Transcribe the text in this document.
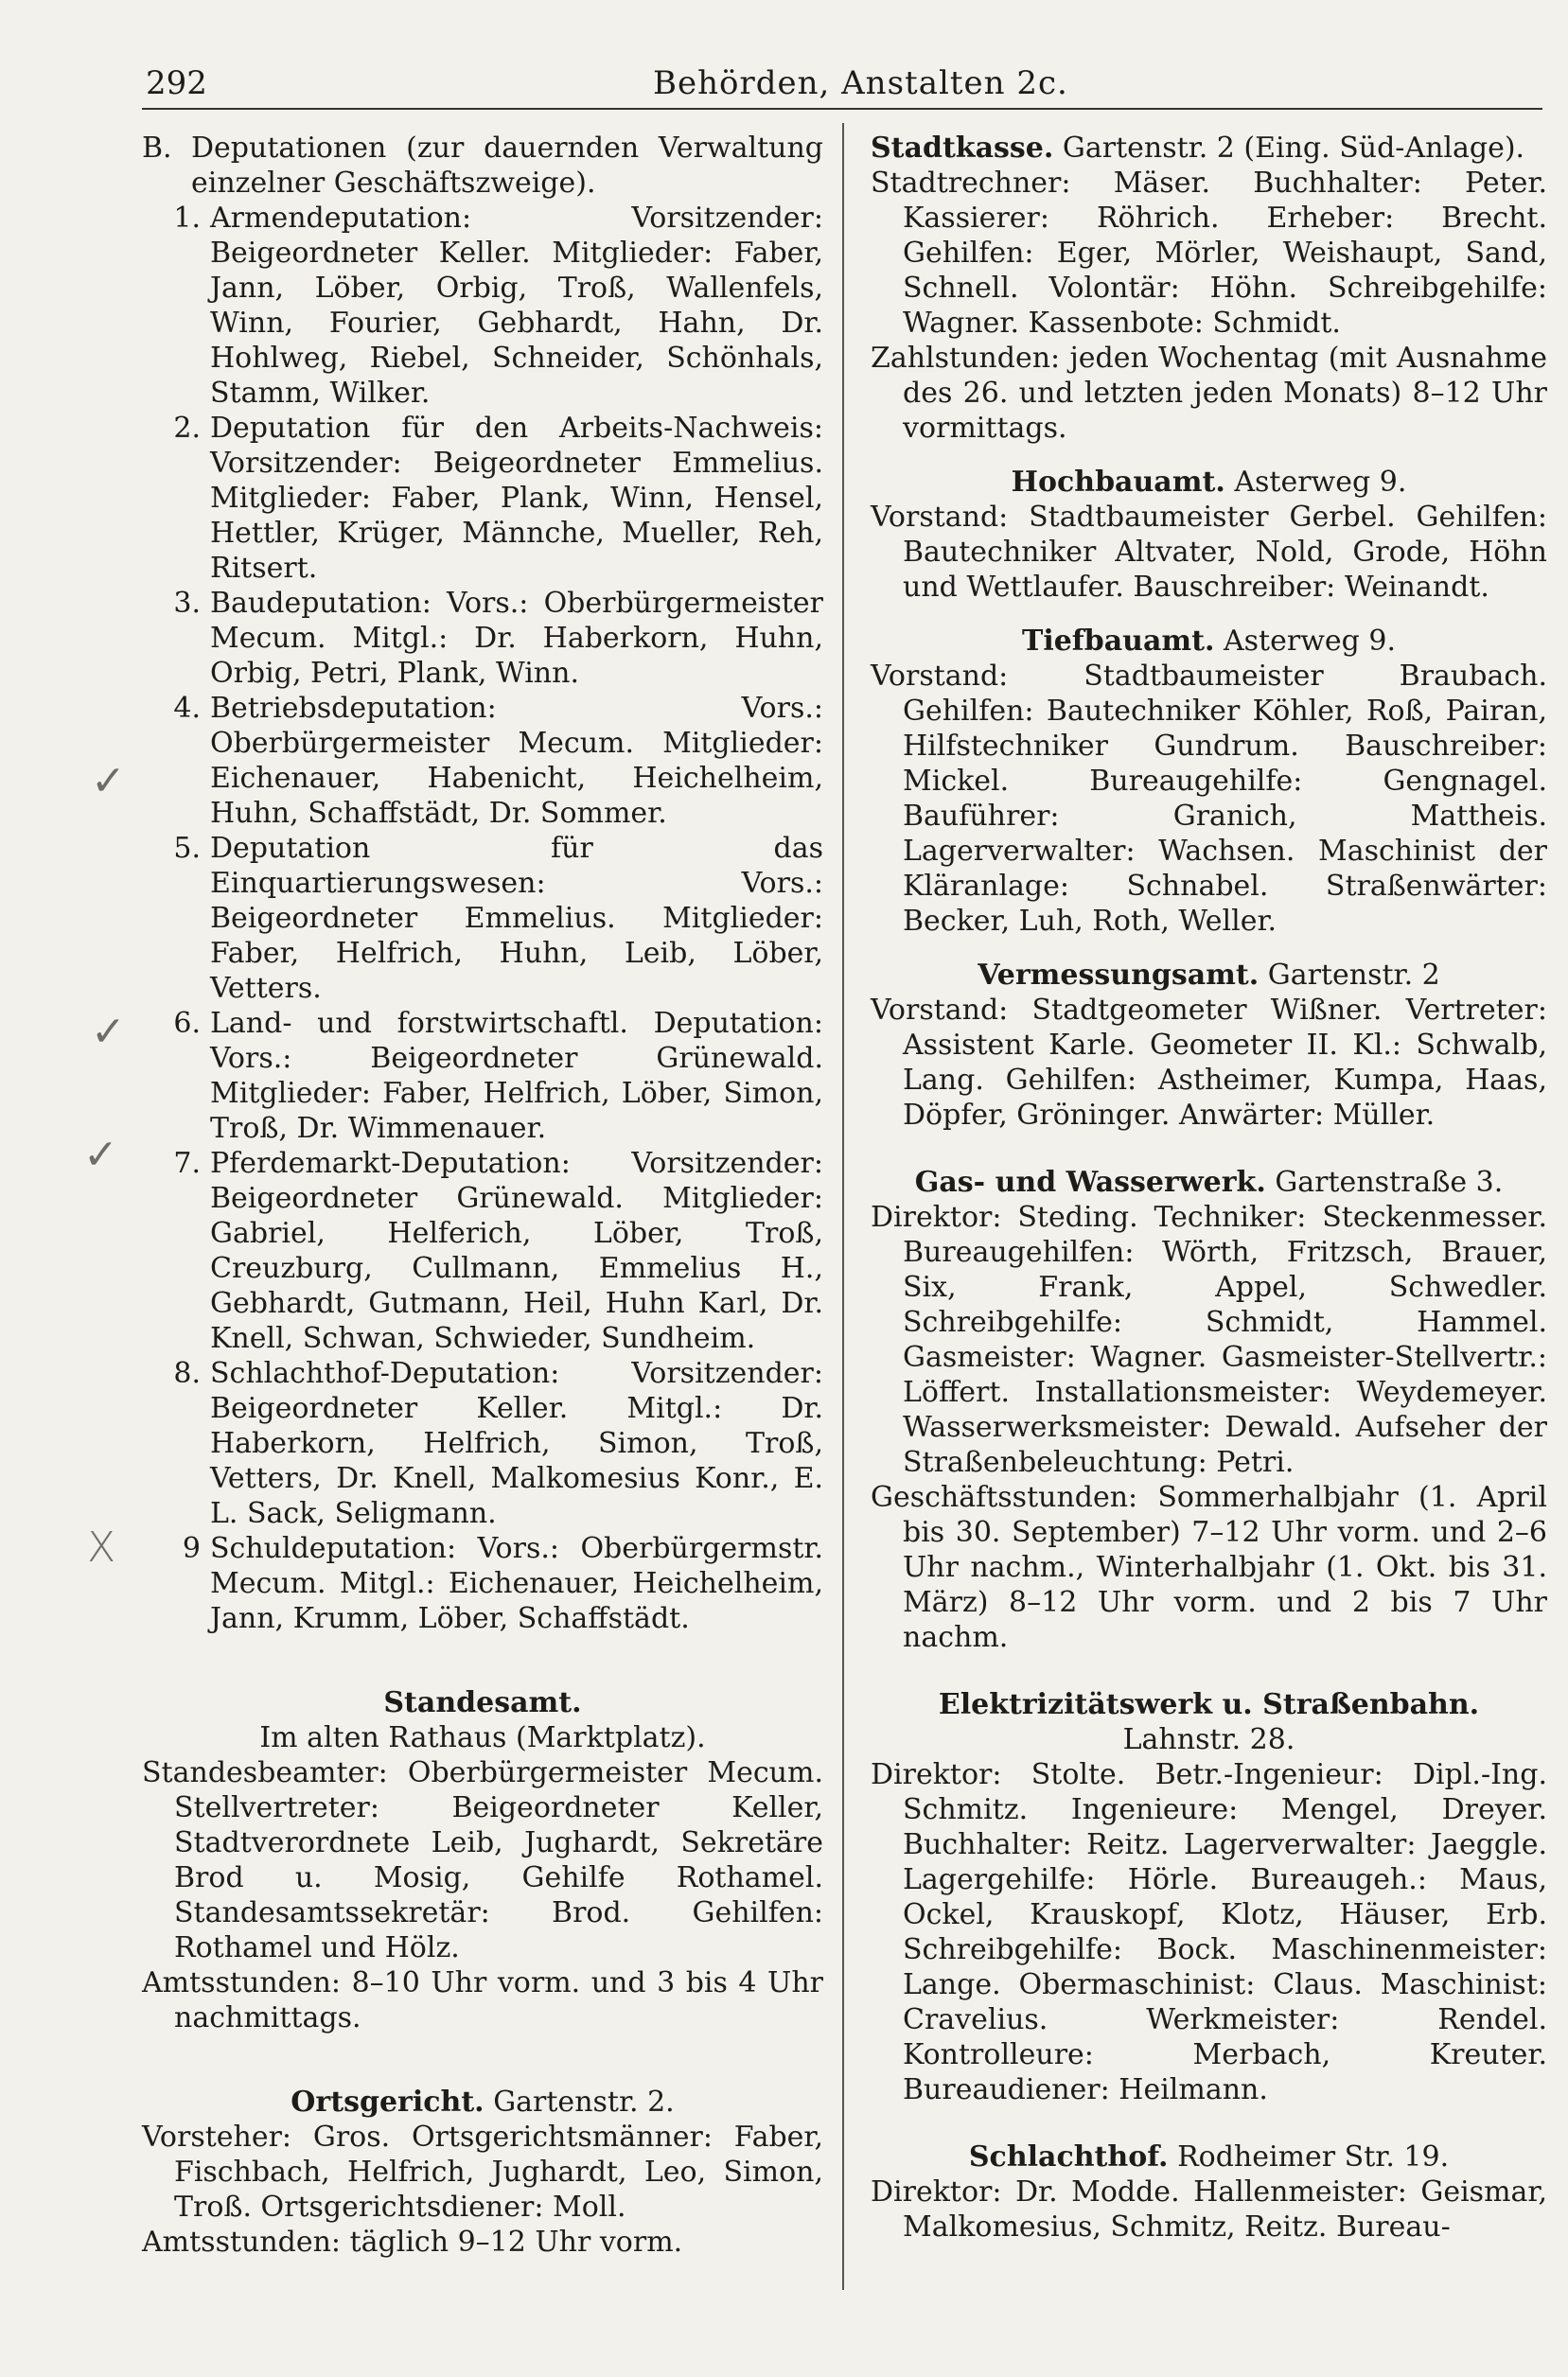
292	Behörden, Anstalten 2c.
✓
✓
✓
X
B. Deputationen (zur dauernden Verwaltung einzelner Geschäftszweige).

1. Armendeputation: Vorsitzender: Beigeordneter Keller. Mitglieder: Faber, Jann, Löber, Orbig, Troß, Wallenfels, Winn, Fourier, Gebhardt, Hahn, Dr. Hohlweg, Riebel, Schneider, Schönhals, Stamm, Wilker.

2. Deputation für den Arbeits-Nachweis: Vorsitzender: Beigeordneter Emmelius. Mitglieder: Faber, Plank, Winn, Hensel, Hettler, Krüger, Männche, Mueller, Reh, Ritsert.

3. Baudeputation: Vors.: Oberbürgermeister Mecum. Mitgl.: Dr. Haberkorn, Huhn, Orbig, Petri, Plank, Winn.

4. Betriebsdeputation: Vors.: Oberbürgermeister Mecum. Mitglieder: Eichenauer, Habenicht, Heichelheim, Huhn, Schaffstädt, Dr. Sommer.

5. Deputation für das Einquartierungswesen: Vors.: Beigeordneter Emmelius. Mitglieder: Faber, Helfrich, Huhn, Leib, Löber, Vetters.

6. Land- und forstwirtschaftl. Deputation: Vors.: Beigeordneter Grünewald. Mitglieder: Faber, Helfrich, Löber, Simon, Troß, Dr. Wimmenauer.

7. Pferdemarkt-Deputation: Vorsitzender: Beigeordneter Grünewald. Mitglieder: Gabriel, Helferich, Löber, Troß, Creuzburg, Cullmann, Emmelius H., Gebhardt, Gutmann, Heil, Huhn Karl, Dr. Knell, Schwan, Schwieder, Sundheim.

8. Schlachthof-Deputation: Vorsitzender: Beigeordneter Keller. Mitgl.: Dr. Haberkorn, Helfrich, Simon, Troß, Vetters, Dr. Knell, Malkomesius Konr., E. L. Sack, Seligmann.

9 Schuldeputation: Vors.: Oberbürgermstr. Mecum. Mitgl.: Eichenauer, Heichelheim, Jann, Krumm, Löber, Schaffstädt.

Standesamt.
Im alten Rathaus (Marktplatz).

Standesbeamter: Oberbürgermeister Mecum. Stellvertreter: Beigeordneter Keller, Stadtverordnete Leib, Jughardt, Sekretäre Brod u. Mosig, Gehilfe Rothamel. Standesamtssekretär: Brod. Gehilfen: Rothamel und Hölz.

Amtsstunden: 8–10 Uhr vorm. und 3 bis 4 Uhr nachmittags.

Ortsgericht. Gartenstr. 2.

Vorsteher: Gros. Ortsgerichtsmänner: Faber, Fischbach, Helfrich, Jughardt, Leo, Simon, Troß. Ortsgerichtsdiener: Moll.

Amtsstunden: täglich 9–12 Uhr vorm.

Stadtkasse. Gartenstr. 2 (Eing. Süd-Anlage).

Stadtrechner: Mäser. Buchhalter: Peter. Kassierer: Röhrich. Erheber: Brecht. Gehilfen: Eger, Mörler, Weishaupt, Sand, Schnell. Volontär: Höhn. Schreibgehilfe: Wagner. Kassenbote: Schmidt.

Zahlstunden: jeden Wochentag (mit Ausnahme des 26. und letzten jeden Monats) 8–12 Uhr vormittags.

Hochbauamt. Asterweg 9.

Vorstand: Stadtbaumeister Gerbel. Gehilfen: Bautechniker Altvater, Nold, Grode, Höhn und Wettlaufer. Bauschreiber: Weinandt.

Tiefbauamt. Asterweg 9.

Vorstand: Stadtbaumeister Braubach. Gehilfen: Bautechniker Köhler, Roß, Pairan, Hilfstechniker Gundrum. Bauschreiber: Mickel. Bureaugehilfe: Gengnagel. Bauführer: Granich, Mattheis. Lagerverwalter: Wachsen. Maschinist der Kläranlage: Schnabel. Straßenwärter: Becker, Luh, Roth, Weller.

Vermessungsamt. Gartenstr. 2

Vorstand: Stadtgeometer Wißner. Vertreter: Assistent Karle. Geometer II. Kl.: Schwalb, Lang. Gehilfen: Astheimer, Kumpa, Haas, Döpfer, Gröninger. Anwärter: Müller.

Gas- und Wasserwerk. Gartenstraße 3.

Direktor: Steding. Techniker: Steckenmesser. Bureaugehilfen: Wörth, Fritzsch, Brauer, Six, Frank, Appel, Schwedler. Schreibgehilfe: Schmidt, Hammel. Gasmeister: Wagner. Gasmeister-Stellvertr.: Löffert. Installationsmeister: Weydemeyer. Wasserwerksmeister: Dewald. Aufseher der Straßenbeleuchtung: Petri.

Geschäftsstunden: Sommerhalbjahr (1. April bis 30. September) 7–12 Uhr vorm. und 2–6 Uhr nachm., Winterhalbjahr (1. Okt. bis 31. März) 8–12 Uhr vorm. und 2 bis 7 Uhr nachm.

Elektrizitätswerk u. Straßenbahn.
Lahnstr. 28.

Direktor: Stolte. Betr.-Ingenieur: Dipl.-Ing. Schmitz. Ingenieure: Mengel, Dreyer. Buchhalter: Reitz. Lagerverwalter: Jaeggle. Lagergehilfe: Hörle. Bureaugeh.: Maus, Ockel, Krauskopf, Klotz, Häuser, Erb. Schreibgehilfe: Bock. Maschinenmeister: Lange. Obermaschinist: Claus. Maschinist: Cravelius. Werkmeister: Rendel. Kontrolleure: Merbach, Kreuter. Bureaudiener: Heilmann.

Schlachthof. Rodheimer Str. 19.

Direktor: Dr. Modde. Hallenmeister: Geismar, Malkomesius, Schmitz, Reitz. Bureau-
